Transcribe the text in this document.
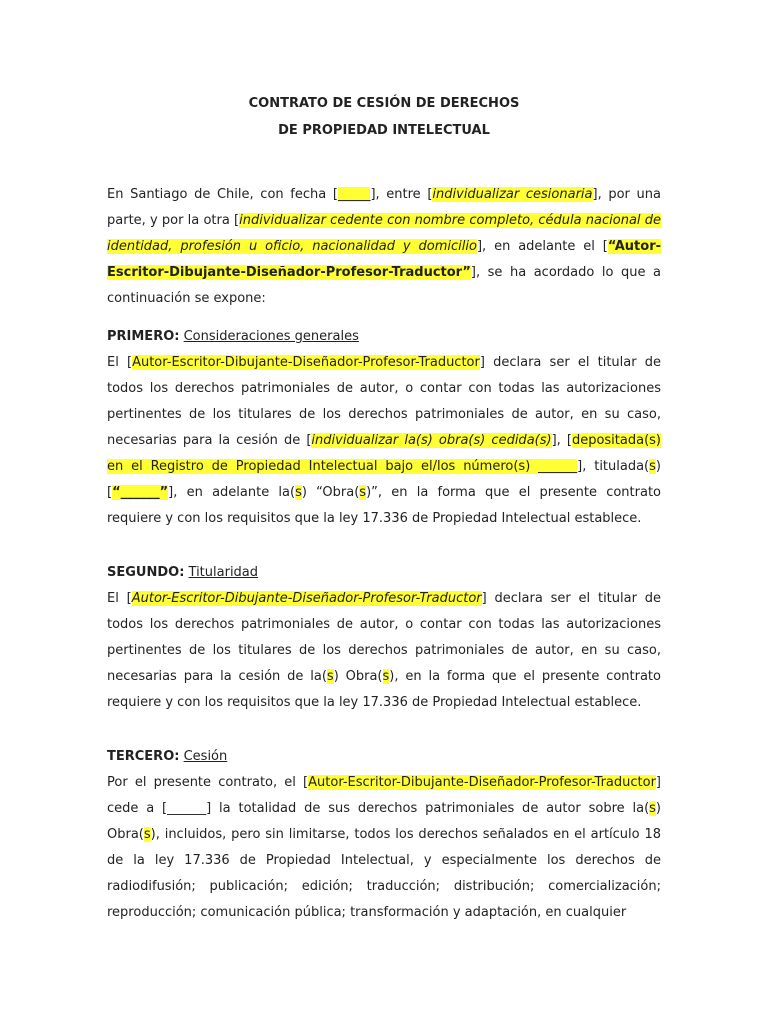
CONTRATO DE CESIÓN DE DERECHOS

DE PROPIEDAD INTELECTUAL

En Santiago de Chile, con fecha [_____], entre [individualizar cesionaria], por una parte, y por la otra [individualizar cedente con nombre completo, cédula nacional de identidad, profesión u oficio, nacionalidad y domicilio], en adelante el [“Autor-Escritor-Dibujante-Diseñador-Profesor-Traductor”], se ha acordado lo que a continuación se expone:

PRIMERO: Consideraciones generales

El [Autor-Escritor-Dibujante-Diseñador-Profesor-Traductor] declara ser el titular de todos los derechos patrimoniales de autor, o contar con todas las autorizaciones pertinentes de los titulares de los derechos patrimoniales de autor, en su caso, necesarias para la cesión de [individualizar la(s) obra(s) cedida(s)], [depositada(s) en el Registro de Propiedad Intelectual bajo el/los número(s) ______], titulada(s) [“______”], en adelante la(s) “Obra(s)”, en la forma que el presente contrato requiere y con los requisitos que la ley 17.336 de Propiedad Intelectual establece.

SEGUNDO: Titularidad

El [Autor-Escritor-Dibujante-Diseñador-Profesor-Traductor] declara ser el titular de todos los derechos patrimoniales de autor, o contar con todas las autorizaciones pertinentes de los titulares de los derechos patrimoniales de autor, en su caso, necesarias para la cesión de la(s) Obra(s), en la forma que el presente contrato requiere y con los requisitos que la ley 17.336 de Propiedad Intelectual establece.

TERCERO: Cesión

Por el presente contrato, el [Autor-Escritor-Dibujante-Diseñador-Profesor-Traductor] cede a [______] la totalidad de sus derechos patrimoniales de autor sobre la(s) Obra(s), incluidos, pero sin limitarse, todos los derechos señalados en el artículo 18 de la ley 17.336 de Propiedad Intelectual, y especialmente los derechos de radiodifusión; publicación; edición; traducción; distribución; comercialización; reproducción; comunicación pública; transformación y adaptación, en cualquier
